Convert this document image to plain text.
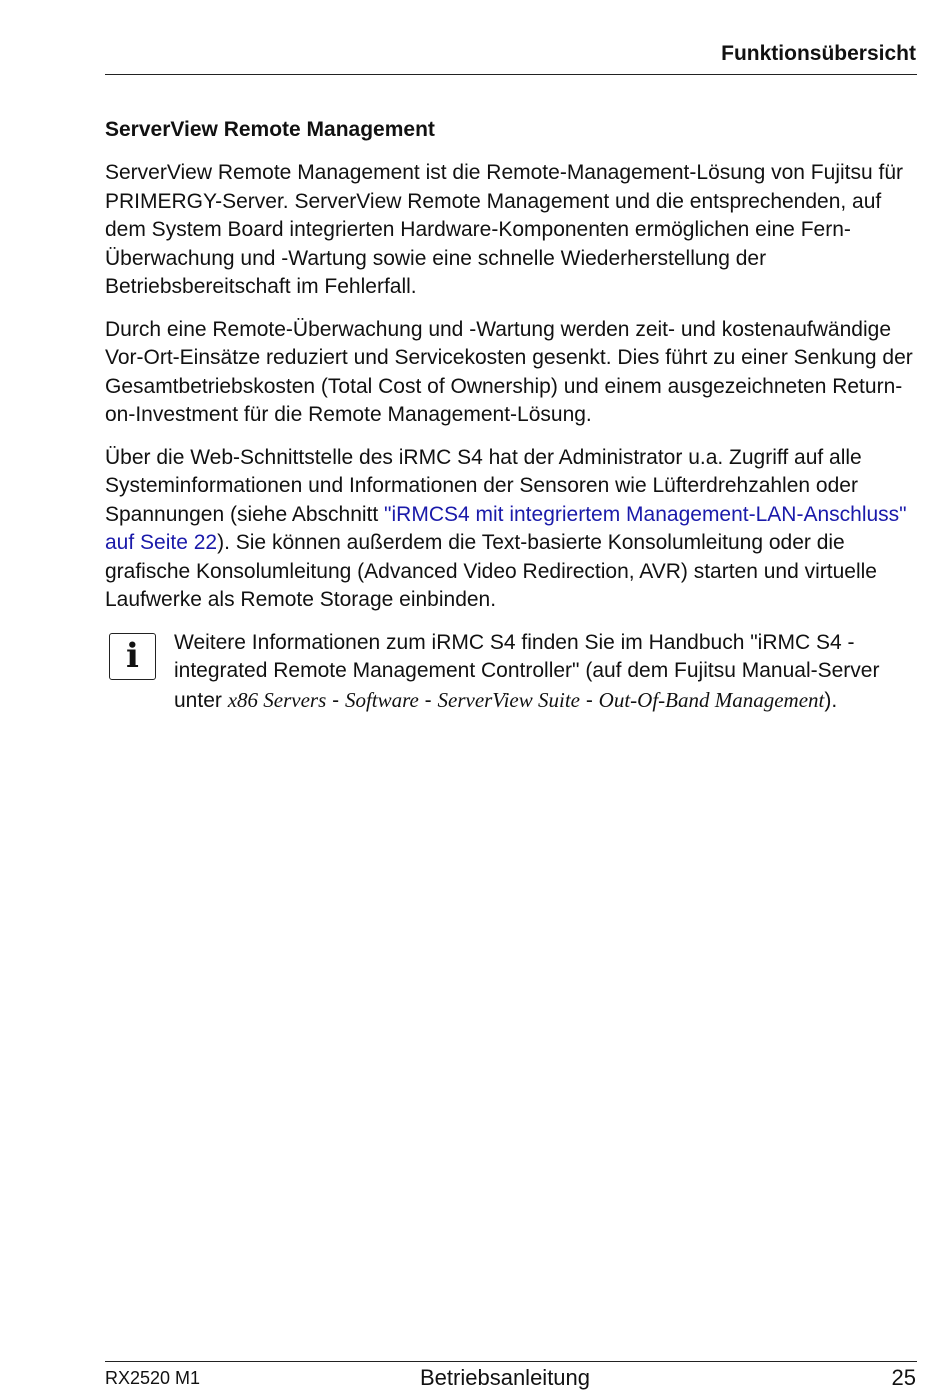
Funktionsübersicht
ServerView Remote Management

ServerView Remote Management ist die Remote-Management-Lösung von Fujitsu für PRIMERGY-Server. ServerView Remote Management und die entsprechenden, auf dem System Board integrierten Hardware-Komponenten ermöglichen eine Fern-Überwachung und -Wartung sowie eine schnelle Wiederherstellung der Betriebsbereitschaft im Fehlerfall.

Durch eine Remote-Überwachung und -Wartung werden zeit- und kostenaufwändige Vor-Ort-Einsätze reduziert und Servicekosten gesenkt. Dies führt zu einer Senkung der Gesamtbetriebskosten (Total Cost of Ownership) und einem ausgezeichneten Return-on-Investment für die Remote Management-Lösung.

Über die Web-Schnittstelle des iRMC S4 hat der Administrator u.a. Zugriff auf alle Systeminformationen und Informationen der Sensoren wie Lüfterdrehzahlen oder Spannungen (siehe Abschnitt "iRMCS4 mit integriertem Management-LAN-Anschluss" auf Seite 22). Sie können außerdem die Text-basierte Konsolumleitung oder die grafische Konsolumleitung (Advanced Video Redirection, AVR) starten und virtuelle Laufwerke als Remote Storage einbinden.

i	Weitere Informationen zum iRMC S4 finden Sie im Handbuch "iRMC S4 - integrated Remote Management Controller" (auf dem Fujitsu Manual-Server unter x86 Servers - Software - ServerView Suite - Out-Of-Band Management).
RX2520 M1	Betriebsanleitung	25
